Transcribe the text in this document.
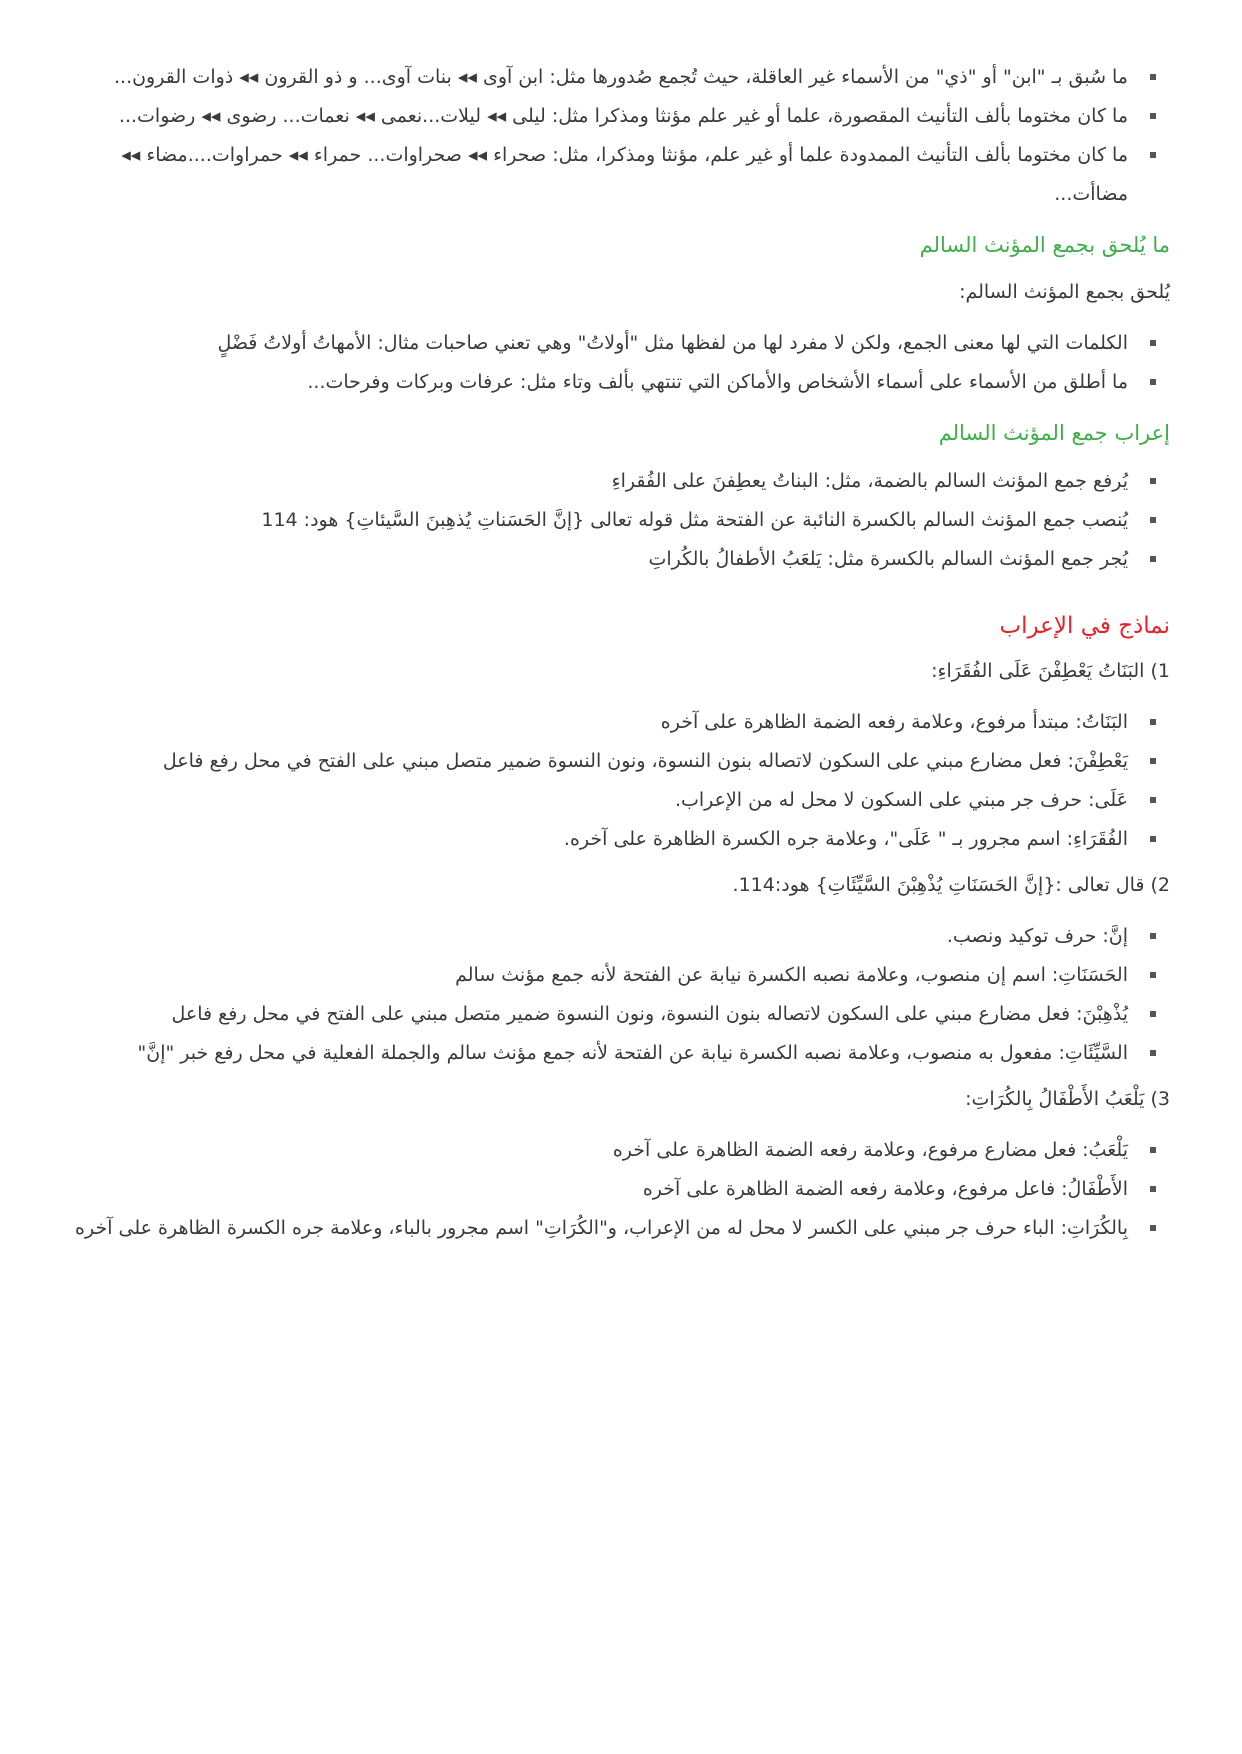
ما سُبق بـ "ابن" أو "ذي" من الأسماء غير العاقلة، حيث تُجمع صُدورها مثل: ابن آوى ◂◂ بنات آوى... و ذو القرون ◂◂ ذوات القرون...
ما كان مختوما بألف التأنيث المقصورة، علما أو غير علم مؤنثا ومذكرا مثل: ليلى ◂◂ ليلات...نعمى ◂◂ نعمات... رضوى ◂◂ رضوات...
ما كان مختوما بألف التأنيث الممدودة علما أو غير علم، مؤنثا ومذكرا، مثل: صحراء ◂◂ صحراوات... حمراء ◂◂ حمراوات....مضاء ◂◂ مضاأت...
ما يُلحق بجمع المؤنث السالم

يُلحق بجمع المؤنث السالم:

الكلمات التي لها معنى الجمع، ولكن لا مفرد لها من لفظها مثل "أولاتُ" وهي تعني صاحبات مثال: الأمهاتُ أولاتُ فَضْلٍ
ما أطلق من الأسماء على أسماء الأشخاص والأماكن التي تنتهي بألف وتاء مثل: عرفات وبركات وفرحات...
إعراب جمع المؤنث السالم
يُرفع جمع المؤنث السالم بالضمة، مثل: البناتُ يعطِفنَ على الفُقراءِ
يُنصب جمع المؤنث السالم بالكسرة النائبة عن الفتحة مثل قوله تعالى {إنَّ الحَسَناتِ يُذهِبنَ السَّيئاتِ} هود: 114
يُجر جمع المؤنث السالم بالكسرة مثل: يَلعَبُ الأطفالُ بالكُراتِ
نماذج في الإعراب

1) البَنَاتُ يَعْطِفْنَ عَلَى الفُقَرَاءِ:

البَنَاتُ: مبتدأ مرفوع، وعلامة رفعه الضمة الظاهرة على آخره
يَعْطِفْنَ: فعل مضارع مبني على السكون لاتصاله بنون النسوة، ونون النسوة ضمير متصل مبني على الفتح في محل رفع فاعل
عَلَى: حرف جر مبني على السكون لا محل له من الإعراب.
الفُقَرَاءِ: اسم مجرور بـ " عَلَى"، وعلامة جره الكسرة الظاهرة على آخره.

2) قال تعالى :{إنَّ الحَسَنَاتِ يُذْهِبْنَ السَّيِّئَاتِ} هود:114.

إنَّ: حرف توكيد ونصب.
الحَسَنَاتِ: اسم إن منصوب، وعلامة نصبه الكسرة نيابة عن الفتحة لأنه جمع مؤنث سالم
يُذْهِبْنَ: فعل مضارع مبني على السكون لاتصاله بنون النسوة، ونون النسوة ضمير متصل مبني على الفتح في محل رفع فاعل
السَّيِّئَاتِ: مفعول به منصوب، وعلامة نصبه الكسرة نيابة عن الفتحة لأنه جمع مؤنث سالم والجملة الفعلية في محل رفع خبر "إنَّ"

3) يَلْعَبُ الأَطْفَالُ بِالكُرَاتِ:

يَلْعَبُ: فعل مضارع مرفوع، وعلامة رفعه الضمة الظاهرة على آخره
الأَطْفَالُ: فاعل مرفوع، وعلامة رفعه الضمة الظاهرة على آخره
بِالكُرَاتِ: الباء حرف جر مبني على الكسر لا محل له من الإعراب، و"الكُرَاتِ" اسم مجرور بالباء، وعلامة جره الكسرة الظاهرة على آخره
